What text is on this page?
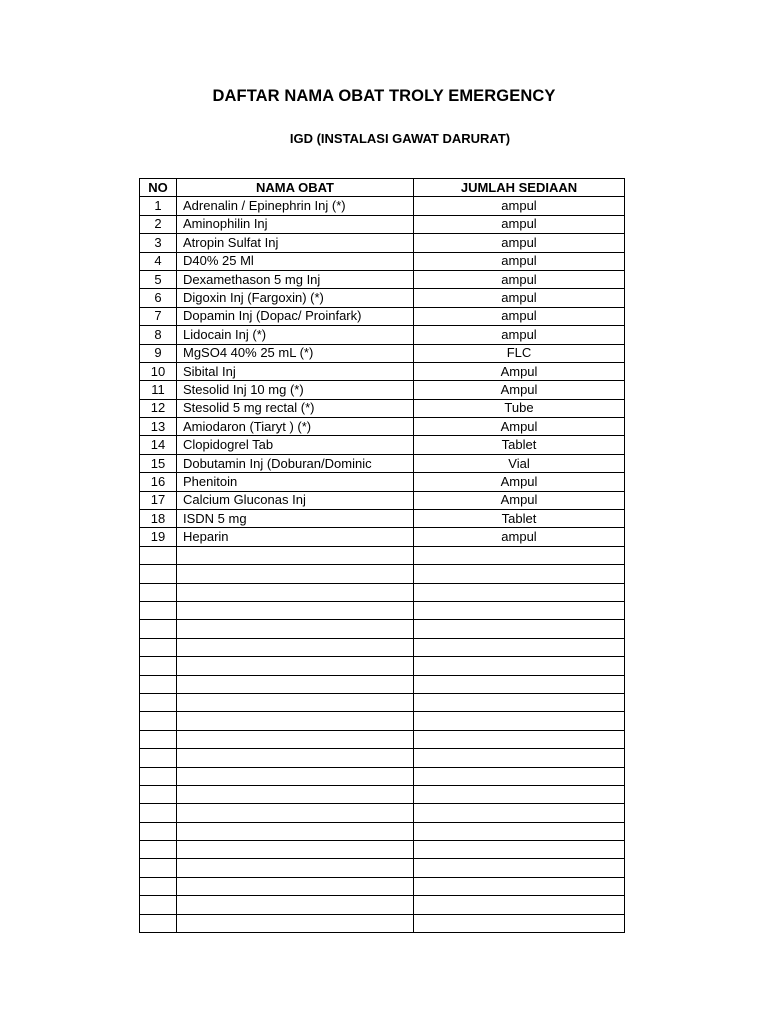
DAFTAR NAMA OBAT TROLY EMERGENCY
IGD (INSTALASI GAWAT DARURAT)
NO	NAMA OBAT	JUMLAH SEDIAAN
1	Adrenalin / Epinephrin Inj (*)	ampul
2	Aminophilin Inj	ampul
3	Atropin Sulfat Inj	ampul
4	D40% 25 Ml	ampul
5	Dexamethason 5 mg Inj	ampul
6	Digoxin Inj (Fargoxin) (*)	ampul
7	Dopamin Inj (Dopac/ Proinfark)	ampul
8	Lidocain Inj (*)	ampul
9	MgSO4 40% 25 mL (*)	FLC
10	Sibital Inj	Ampul
11	Stesolid Inj 10 mg (*)	Ampul
12	Stesolid 5 mg rectal (*)	Tube
13	Amiodaron (Tiaryt ) (*)	Ampul
14	Clopidogrel Tab	Tablet
15	Dobutamin Inj (Doburan/Dominic	Vial
16	Phenitoin	Ampul
17	Calcium Gluconas Inj	Ampul
18	ISDN 5 mg	Tablet
19	Heparin	ampul
